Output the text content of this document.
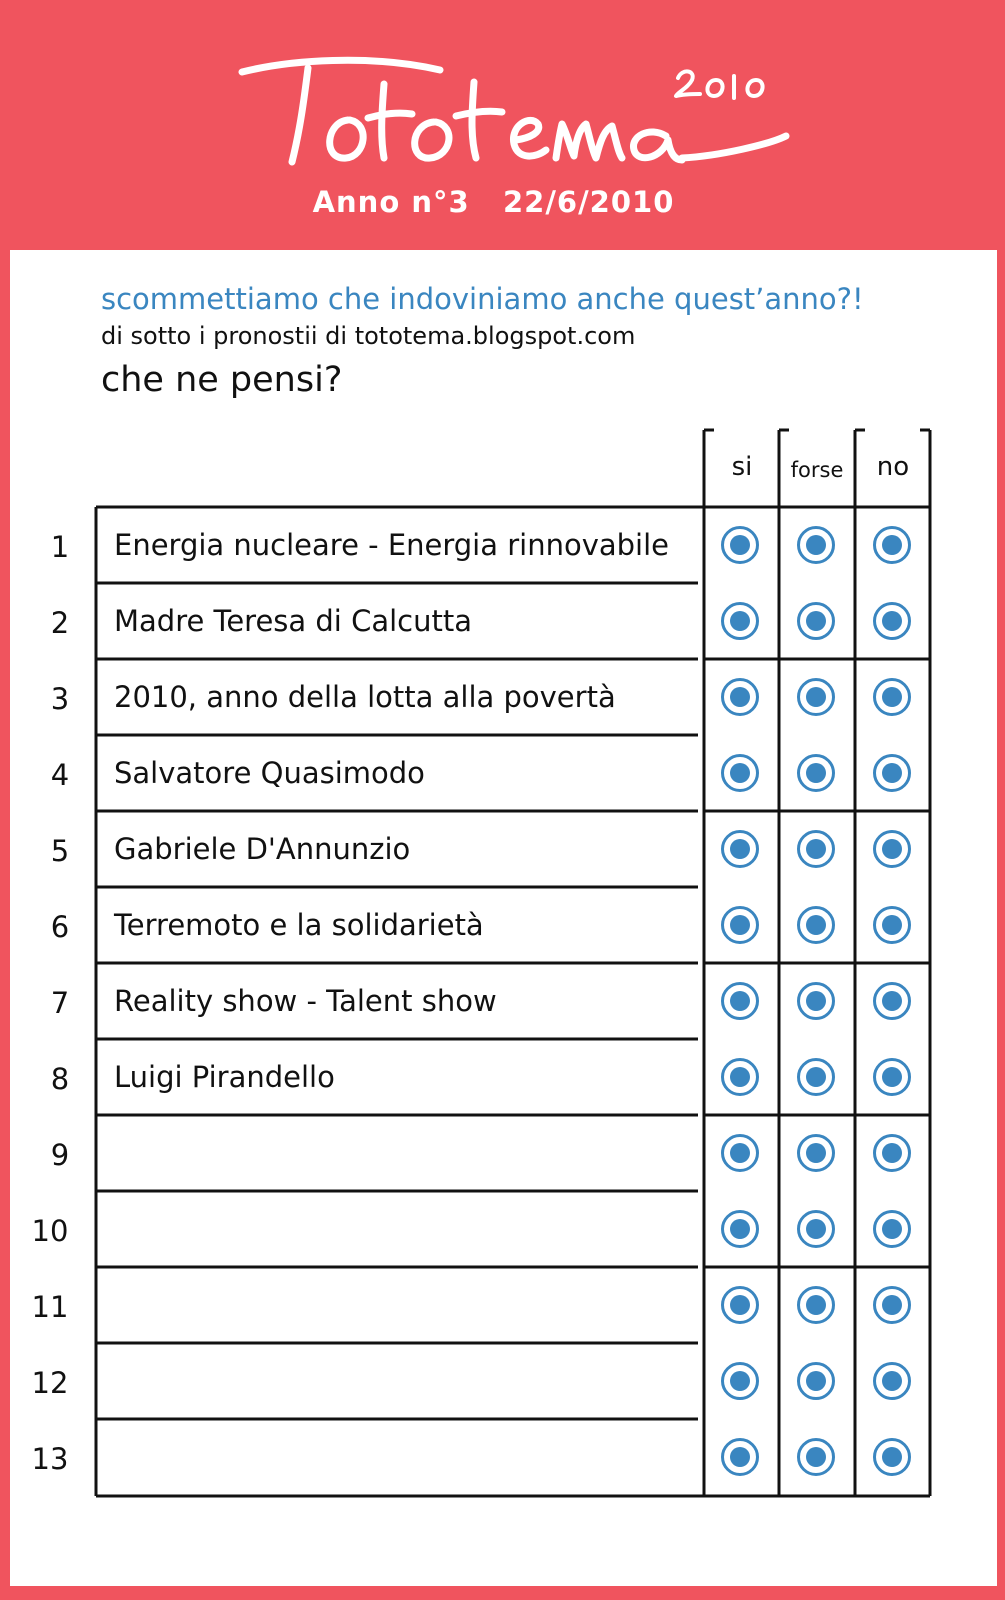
Anno n°3   22/6/2010
scommettiamo che indoviniamo anche quest’anno?!
di sotto i pronostii di tototema.blogspot.com
che ne pensi?
si	forse	no
1	Energia nucleare - Energia rinnovabile
2	Madre Teresa di Calcutta
3	2010, anno della lotta alla povertà
4	Salvatore Quasimodo
5	Gabriele D'Annunzio
6	Terremoto e la solidarietà
7	Reality show - Talent show
8	Luigi Pirandello
9
10
11
12
13
